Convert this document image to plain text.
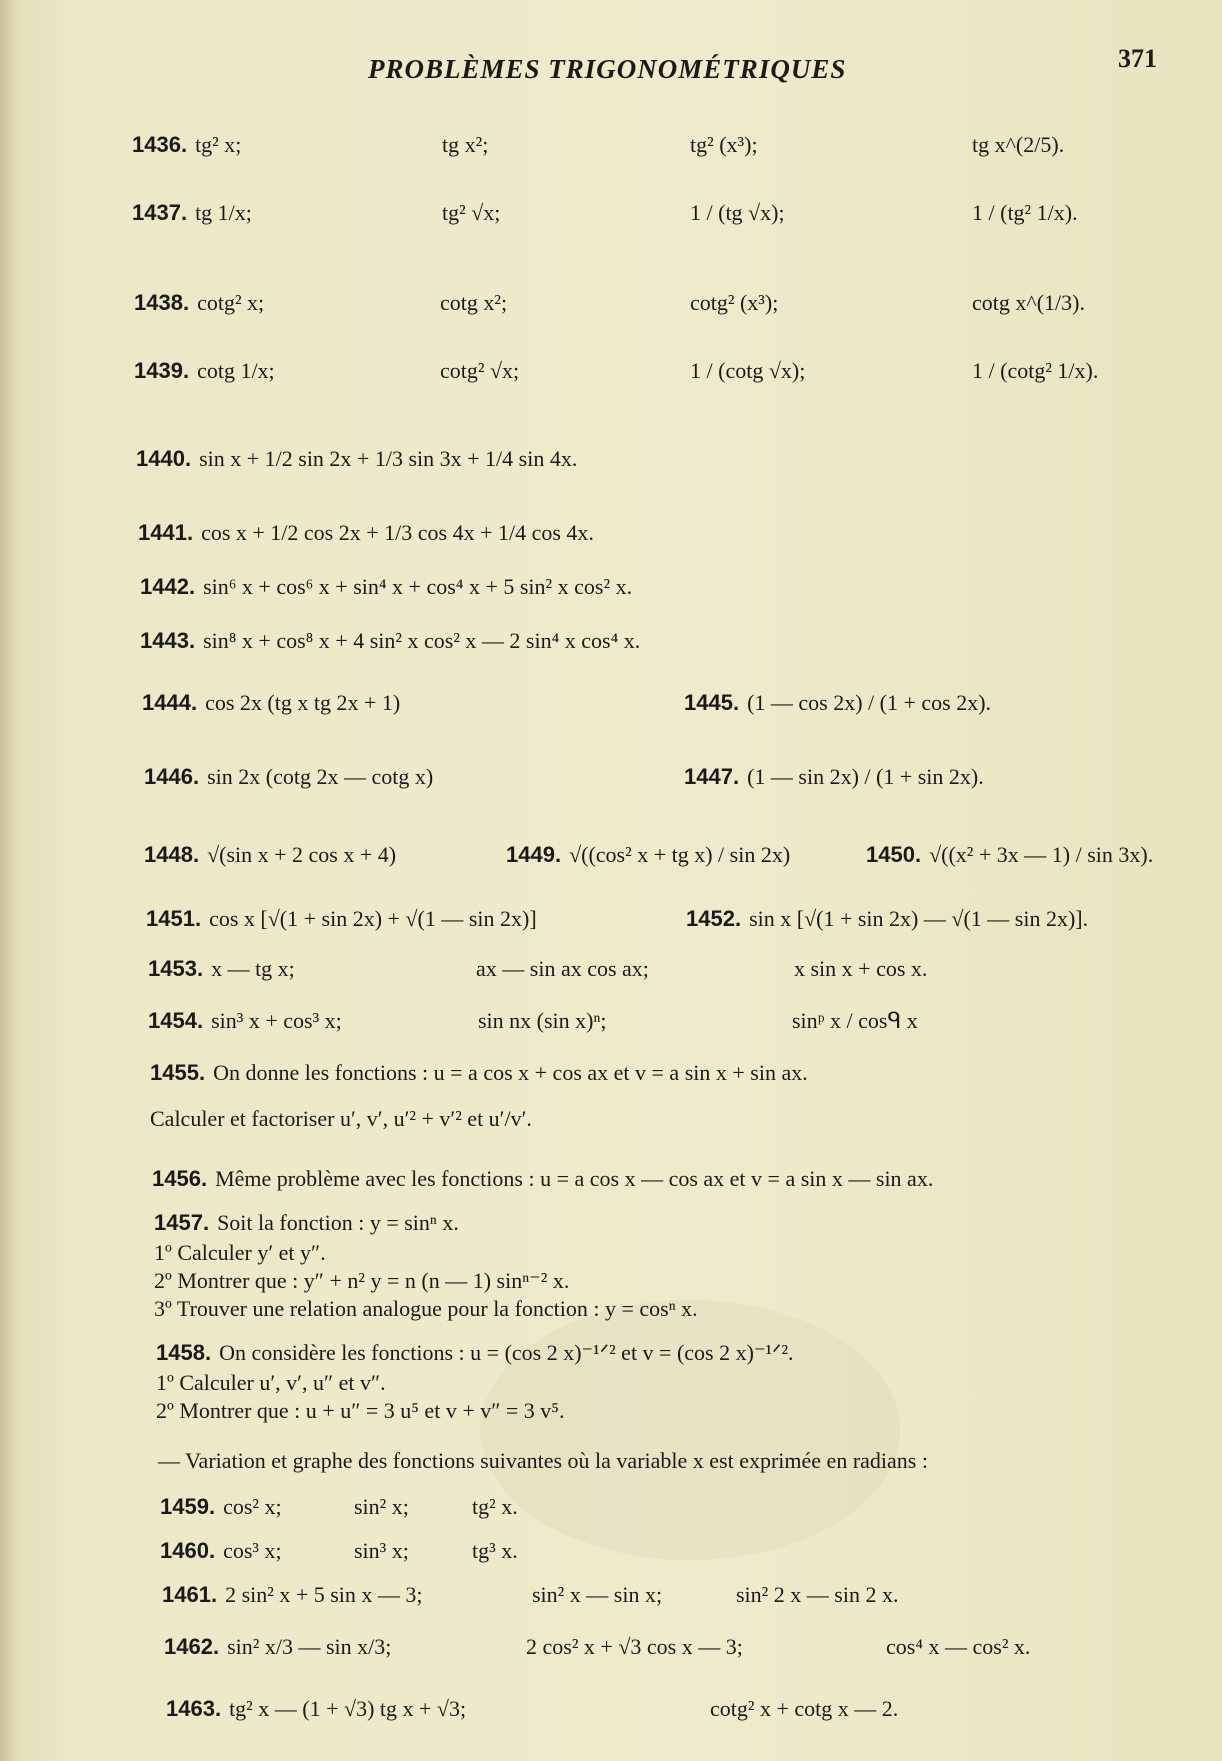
PROBLÈMES TRIGONOMÉTRIQUES	371
1436. tg² x;	tg x²;	tg² (x³);	tg x^(2/5).
1437. tg 1/x;	tg² √x;	1 / (tg √x);	1 / (tg² 1/x).
1438. cotg² x;	cotg x²;	cotg² (x³);	cotg x^(1/3).
1439. cotg 1/x;	cotg² √x;	1 / (cotg √x);	1 / (cotg² 1/x).
1440. sin x + 1/2 sin 2x + 1/3 sin 3x + 1/4 sin 4x.
1441. cos x + 1/2 cos 2x + 1/3 cos 4x + 1/4 cos 4x.
1442. sin⁶ x + cos⁶ x + sin⁴ x + cos⁴ x + 5 sin² x cos² x.
1443. sin⁸ x + cos⁸ x + 4 sin² x cos² x — 2 sin⁴ x cos⁴ x.
1444. cos 2x (tg x tg 2x + 1)	1445. (1 — cos 2x) / (1 + cos 2x).
1446. sin 2x (cotg 2x — cotg x)	1447. (1 — sin 2x) / (1 + sin 2x).
1448. √(sin x + 2 cos x + 4)	1449. √((cos² x + tg x) / sin 2x)	1450. √((x² + 3x — 1) / sin 3x).
1451. cos x [√(1 + sin 2x) + √(1 — sin 2x)]	1452. sin x [√(1 + sin 2x) — √(1 — sin 2x)].
1453. x — tg x;	ax — sin ax cos ax;	x sin x + cos x.
1454. sin³ x + cos³ x;	sin nx (sin x)ⁿ;	sinᵖ x / cosᑫ x
1455. On donne les fonctions : u = a cos x + cos ax et v = a sin x + sin ax.
Calculer et factoriser u′, v′, u′² + v′² et u′/v′.
1456. Même problème avec les fonctions : u = a cos x — cos ax et v = a sin x — sin ax.
1457. Soit la fonction : y = sinⁿ x.
1º Calculer y′ et y″.
2º Montrer que : y″ + n² y = n (n — 1) sinⁿ⁻² x.
3º Trouver une relation analogue pour la fonction : y = cosⁿ x.
1458. On considère les fonctions : u = (cos 2 x)⁻¹ᐟ² et v = (cos 2 x)⁻¹ᐟ².
1º Calculer u′, v′, u″ et v″.
2º Montrer que : u + u″ = 3 u⁵ et v + v″ = 3 v⁵.
— Variation et graphe des fonctions suivantes où la variable x est exprimée en radians :
1459. cos² x;	sin² x;	tg² x.
1460. cos³ x;	sin³ x;	tg³ x.
1461. 2 sin² x + 5 sin x — 3;	sin² x — sin x;	sin² 2 x — sin 2 x.
1462. sin² x/3 — sin x/3;	2 cos² x + √3 cos x — 3;	cos⁴ x — cos² x.
1463. tg² x — (1 + √3) tg x + √3;	cotg² x + cotg x — 2.
